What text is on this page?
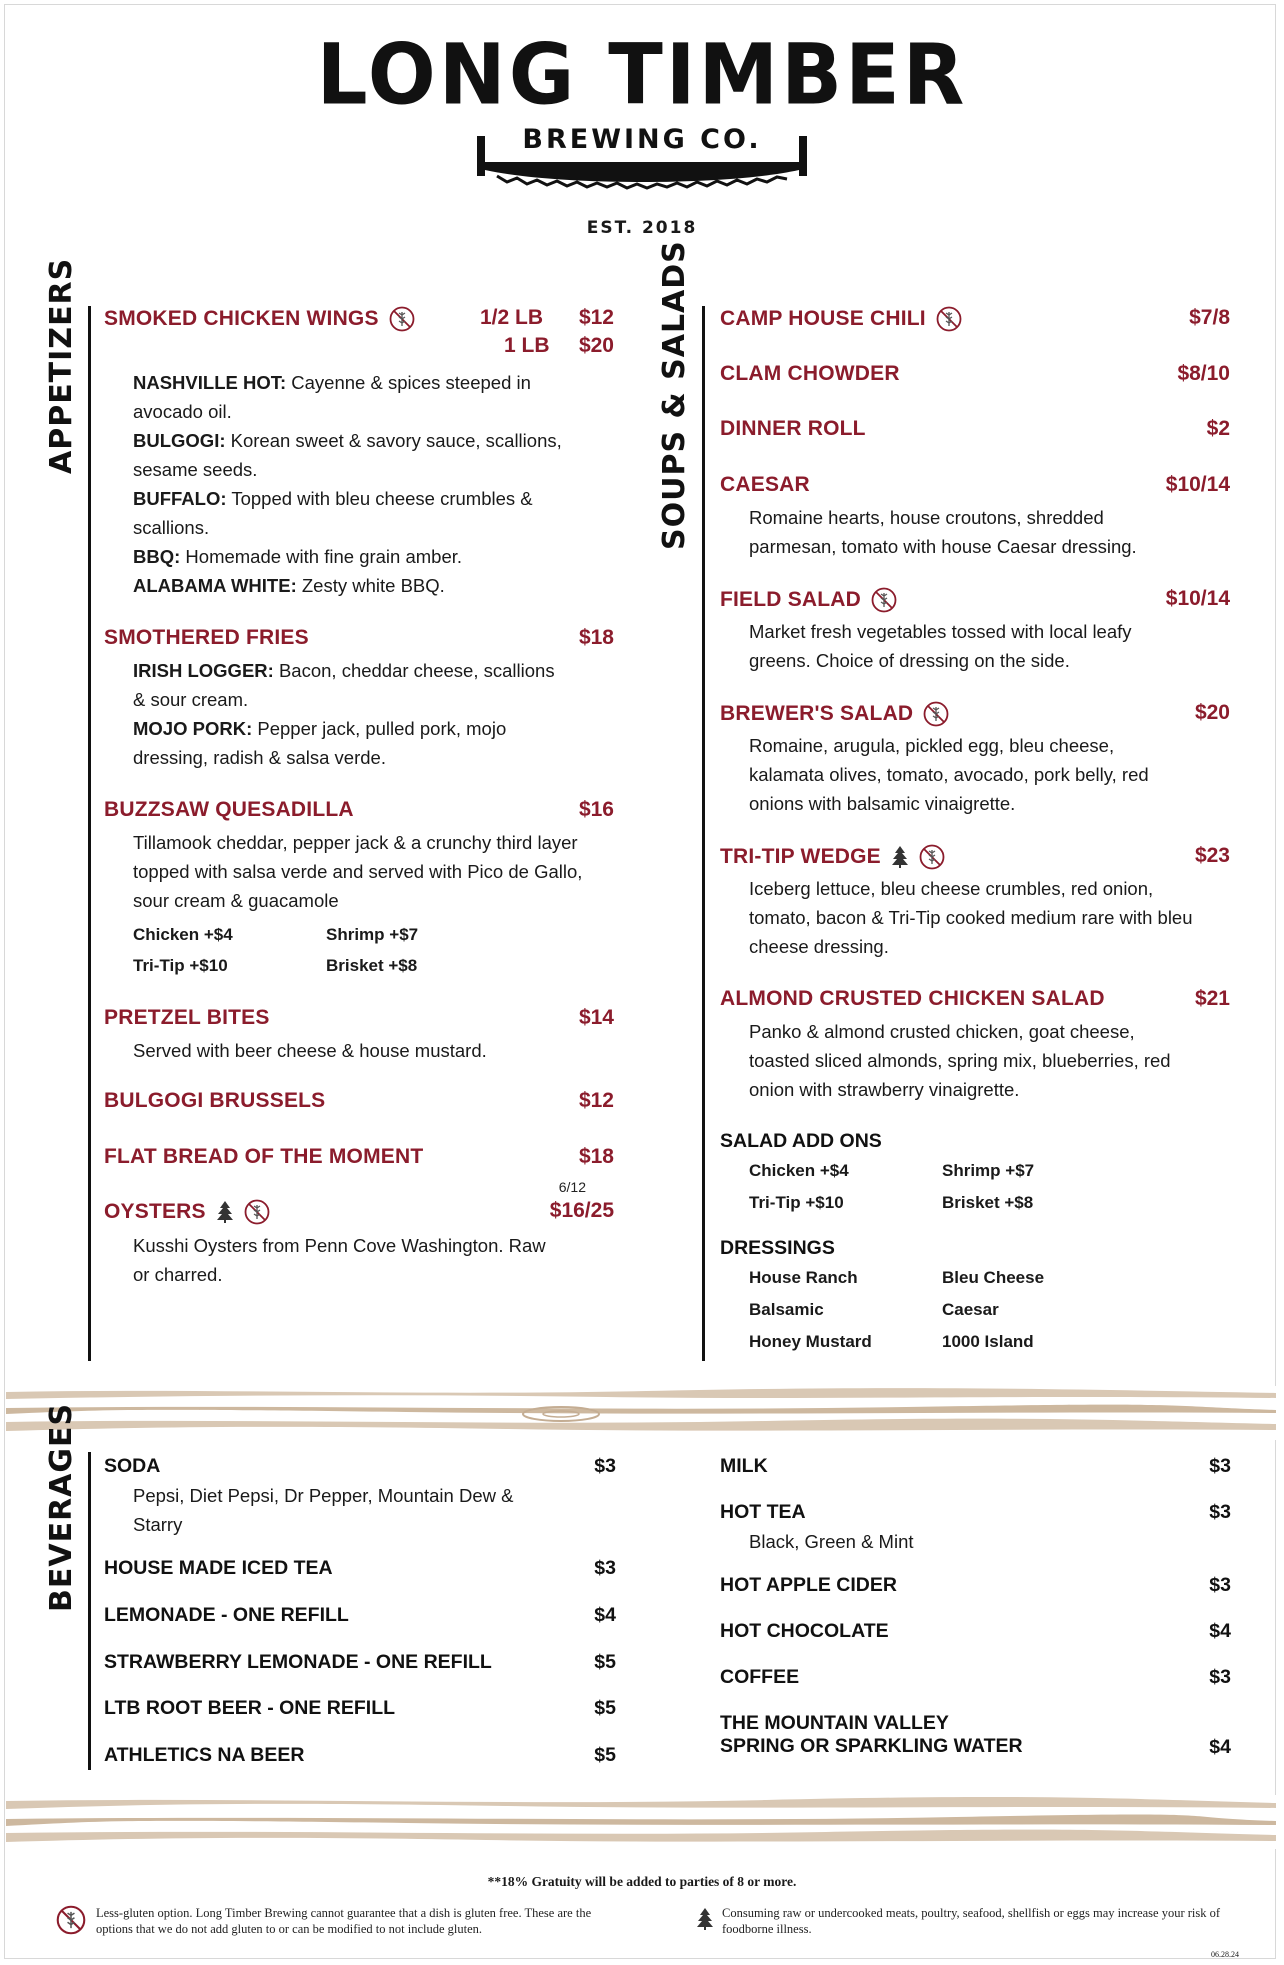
LONG TIMBER
BREWING CO.
EST. 2018
APPETIZERS	SOUPS & SALADS
SMOKED CHICKEN WINGS	1/2 LB $12
1 LB $20
NASHVILLE HOT: Cayenne & spices steeped in avocado oil.
BULGOGI: Korean sweet & savory sauce, scallions, sesame seeds.
BUFFALO: Topped with bleu cheese crumbles & scallions.
BBQ: Homemade with fine grain amber.
ALABAMA WHITE: Zesty white BBQ.
SMOTHERED FRIES	$18
IRISH LOGGER: Bacon, cheddar cheese, scallions & sour cream.
MOJO PORK: Pepper jack, pulled pork, mojo dressing, radish & salsa verde.
BUZZSAW QUESADILLA	$16
Tillamook cheddar, pepper jack & a crunchy third layer topped with salsa verde and served with Pico de Gallo, sour cream & guacamole
Chicken +$4	Shrimp +$7
Tri-Tip +$10	Brisket +$8
PRETZEL BITES	$14
Served with beer cheese & house mustard.
BULGOGI BRUSSELS	$12
FLAT BREAD OF THE MOMENT	$18
OYSTERS
6/12
$16/25
Kusshi Oysters from Penn Cove Washington. Raw or charred.
CAMP HOUSE CHILI	$7/8
CLAM CHOWDER	$8/10
DINNER ROLL	$2
CAESAR	$10/14
Romaine hearts, house croutons, shredded parmesan, tomato with house Caesar dressing.
FIELD SALAD	$10/14
Market fresh vegetables tossed with local leafy greens. Choice of dressing on the side.
BREWER'S SALAD	$20
Romaine, arugula, pickled egg, bleu cheese, kalamata olives, tomato, avocado, pork belly, red onions with balsamic vinaigrette.
TRI-TIP WEDGE	$23
Iceberg lettuce, bleu cheese crumbles, red onion, tomato, bacon & Tri-Tip cooked medium rare with bleu cheese dressing.
ALMOND CRUSTED CHICKEN SALAD	$21
Panko & almond crusted chicken, goat cheese, toasted sliced almonds, spring mix, blueberries, red onion with strawberry vinaigrette.
SALAD ADD ONS
Chicken +$4	Shrimp +$7
Tri-Tip +$10	Brisket +$8
DRESSINGS
House Ranch	Bleu Cheese
Balsamic	Caesar
Honey Mustard	1000 Island
BEVERAGES SODA	$3
Pepsi, Diet Pepsi, Dr Pepper, Mountain Dew & Starry
HOUSE MADE ICED TEA	$3
LEMONADE - ONE REFILL	$4
STRAWBERRY LEMONADE - ONE REFILL	$5
LTB ROOT BEER - ONE REFILL	$5
ATHLETICS NA BEER	$5
MILK	$3
HOT TEA	$3
Black, Green & Mint
HOT APPLE CIDER	$3
HOT CHOCOLATE	$4
COFFEE	$3
THE MOUNTAIN VALLEY
SPRING OR SPARKLING WATER	$4
**18% Gratuity will be added to parties of 8 or more.
Less-gluten option. Long Timber Brewing cannot guarantee that a dish is gluten free. These are the options that we do not add gluten to or can be modified to not include gluten.
Consuming raw or undercooked meats, poultry, seafood, shellfish or eggs may increase your risk of foodborne illness.
06.28.24
